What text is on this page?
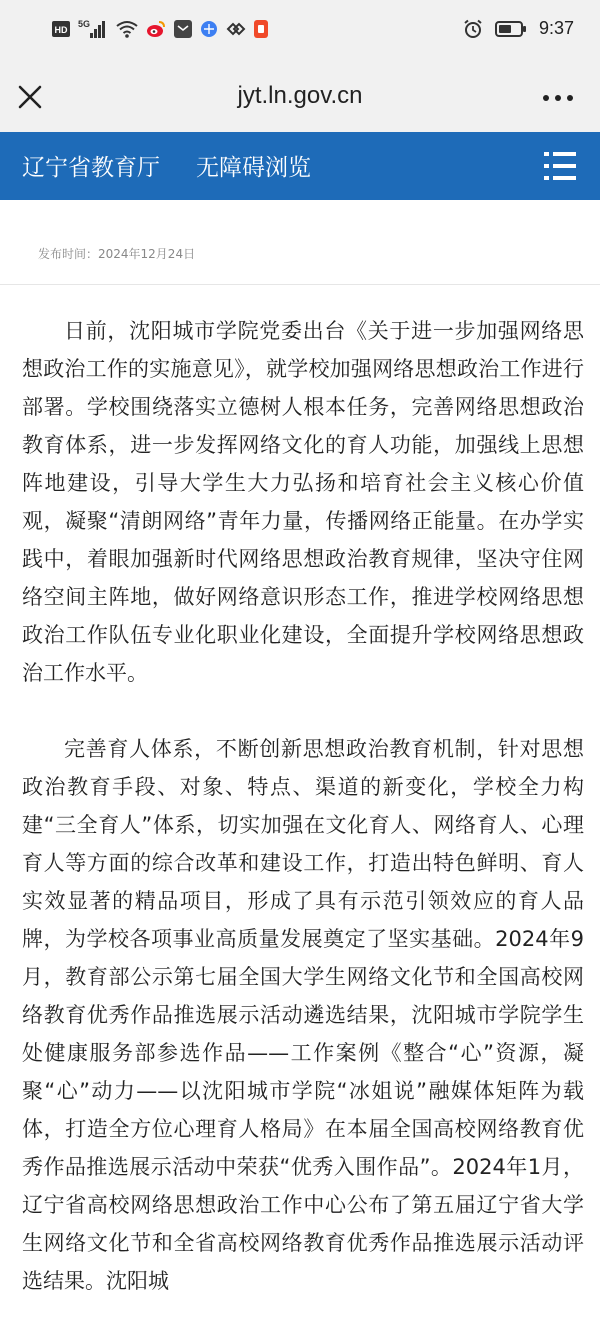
HD
5G	9:37
jyt.ln.gov.cn
辽宁省教育厅 无障碍浏览
发布时间：2024年12月24日

日前，沈阳城市学院党委出台《关于进一步加强网络思想政治工作的实施意见》，就学校加强网络思想政治工作进行部署。学校围绕落实立德树人根本任务，完善网络思想政治教育体系，进一步发挥网络文化的育人功能，加强线上思想阵地建设，引导大学生大力弘扬和培育社会主义核心价值观，凝聚“清朗网络”青年力量，传播网络正能量。在办学实践中，着眼加强新时代网络思想政治教育规律，坚决守住网络空间主阵地，做好网络意识形态工作，推进学校网络思想政治工作队伍专业化职业化建设，全面提升学校网络思想政治工作水平。

完善育人体系，不断创新思想政治教育机制，针对思想政治教育手段、对象、特点、渠道的新变化，学校全力构建“三全育人”体系，切实加强在文化育人、网络育人、心理育人等方面的综合改革和建设工作，打造出特色鲜明、育人实效显著的精品项目，形成了具有示范引领效应的育人品牌，为学校各项事业高质量发展奠定了坚实基础。2024年9月，教育部公示第七届全国大学生网络文化节和全国高校网络教育优秀作品推选展示活动遴选结果，沈阳城市学院学生处健康服务部参选作品——工作案例《整合“心”资源，凝聚“心”动力——以沈阳城市学院“冰姐说”融媒体矩阵为载体，打造全方位心理育人格局》在本届全国高校网络教育优秀作品推选展示活动中荣获“优秀入围作品”。2024年1月，辽宁省高校网络思想政治工作中心公布了第五届辽宁省大学生网络文化节和全省高校网络教育优秀作品推选展示活动评选结果。沈阳城
